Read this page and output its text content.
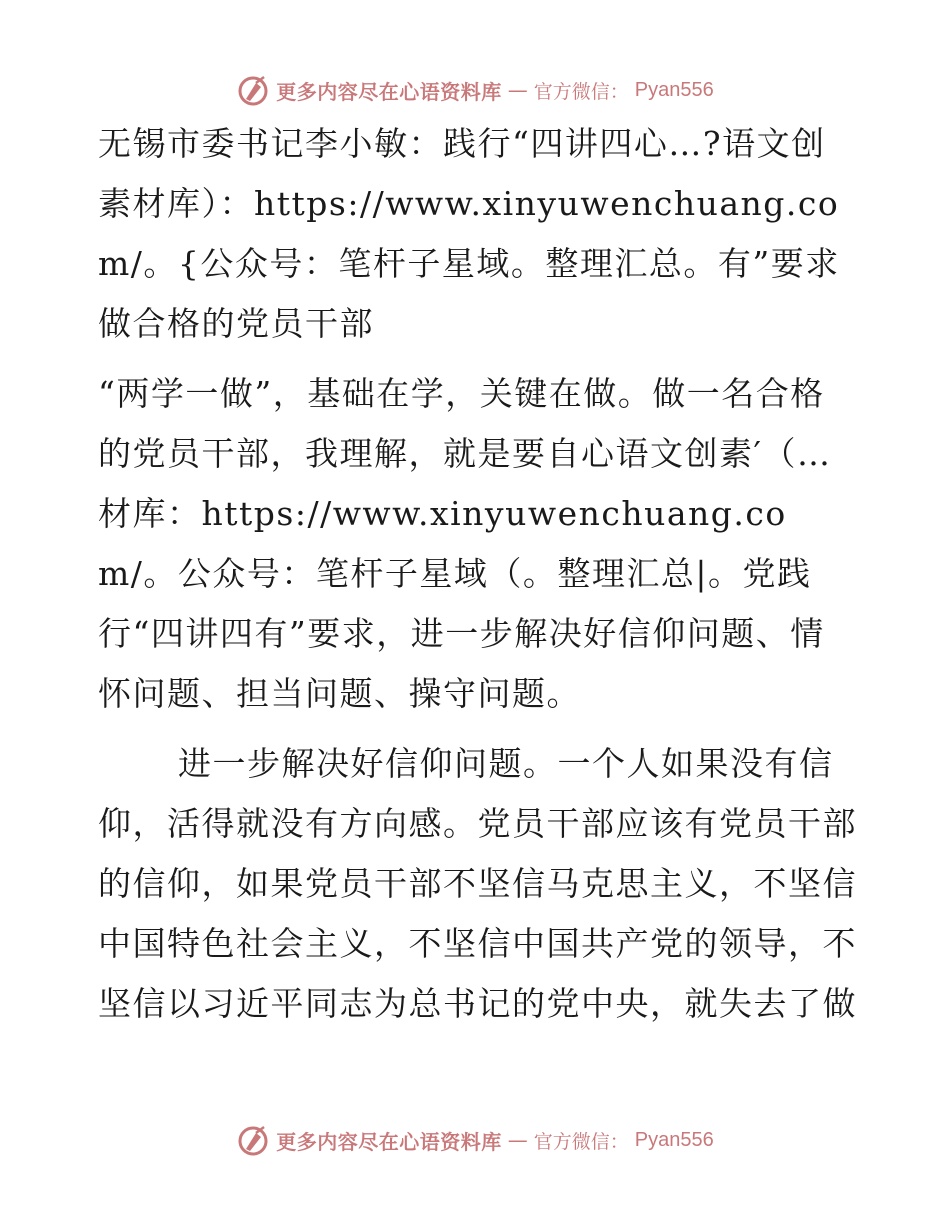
更多内容尽在心语资料库 — 官方微信： Pyan556

无锡市委书记李小敏：践行“四讲四心…?语文创素材库）：https://www.xinyuwenchuang.com/。{公众号：笔杆子星域。整理汇总。有”要求 做合格的党员干部

“两学一做”，基础在学，关键在做。做一名合格的党员干部，我理解，就是要自心语文创素′（…材库：https://www.xinyuwenchuang.com/。公众号：笔杆子星域（。整理汇总|。党践行“四讲四有”要求，进一步解决好信仰问题、情怀问题、担当问题、操守问题。

进一步解决好信仰问题。一个人如果没有信仰，活得就没有方向感。党员干部应该有党员干部的信仰，如果党员干部不坚信马克思主义，不坚信中国特色社会主义，不坚信中国共产党的领导，不坚信以习近平同志为总书记的党中央，就失去了做

更多内容尽在心语资料库 — 官方微信： Pyan556
